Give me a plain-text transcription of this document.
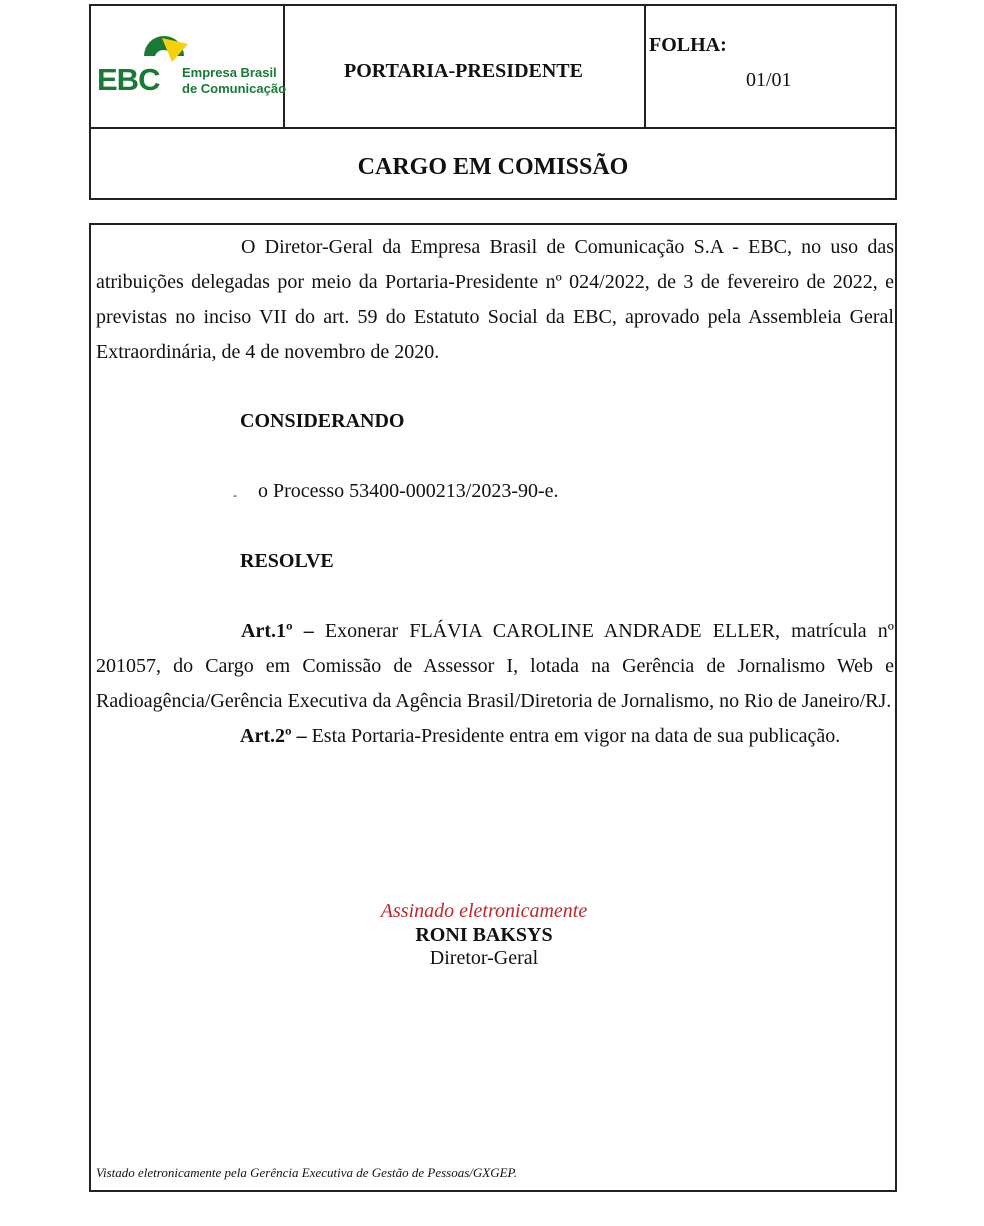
EBC Empresa Brasil
de Comunicação
PORTARIA-PRESIDENTE
FOLHA:
01/01
CARGO EM COMISSÃO
O Diretor-Geral da Empresa Brasil de Comunicação S.A - EBC, no uso das atribuições delegadas por meio da Portaria-Presidente nº 024/2022, de 3 de fevereiro de 2022, e previstas no inciso VII do art. 59 do Estatuto Social da EBC, aprovado pela Assembleia Geral Extraordinária, de 4 de novembro de 2020.
CONSIDERANDO
- o Processo 53400-000213/2023-90-e.
RESOLVE
Art.1º – Exonerar FLÁVIA CAROLINE ANDRADE ELLER, matrícula nº 201057, do Cargo em Comissão de Assessor I, lotada na Gerência de Jornalismo Web e Radioagência/Gerência Executiva da Agência Brasil/Diretoria de Jornalismo, no Rio de Janeiro/RJ.
Art.2º – Esta Portaria-Presidente entra em vigor na data de sua publicação.
Assinado eletronicamente
RONI BAKSYS
Diretor-Geral
Vistado eletronicamente pela Gerência Executiva de Gestão de Pessoas/GXGEP.
